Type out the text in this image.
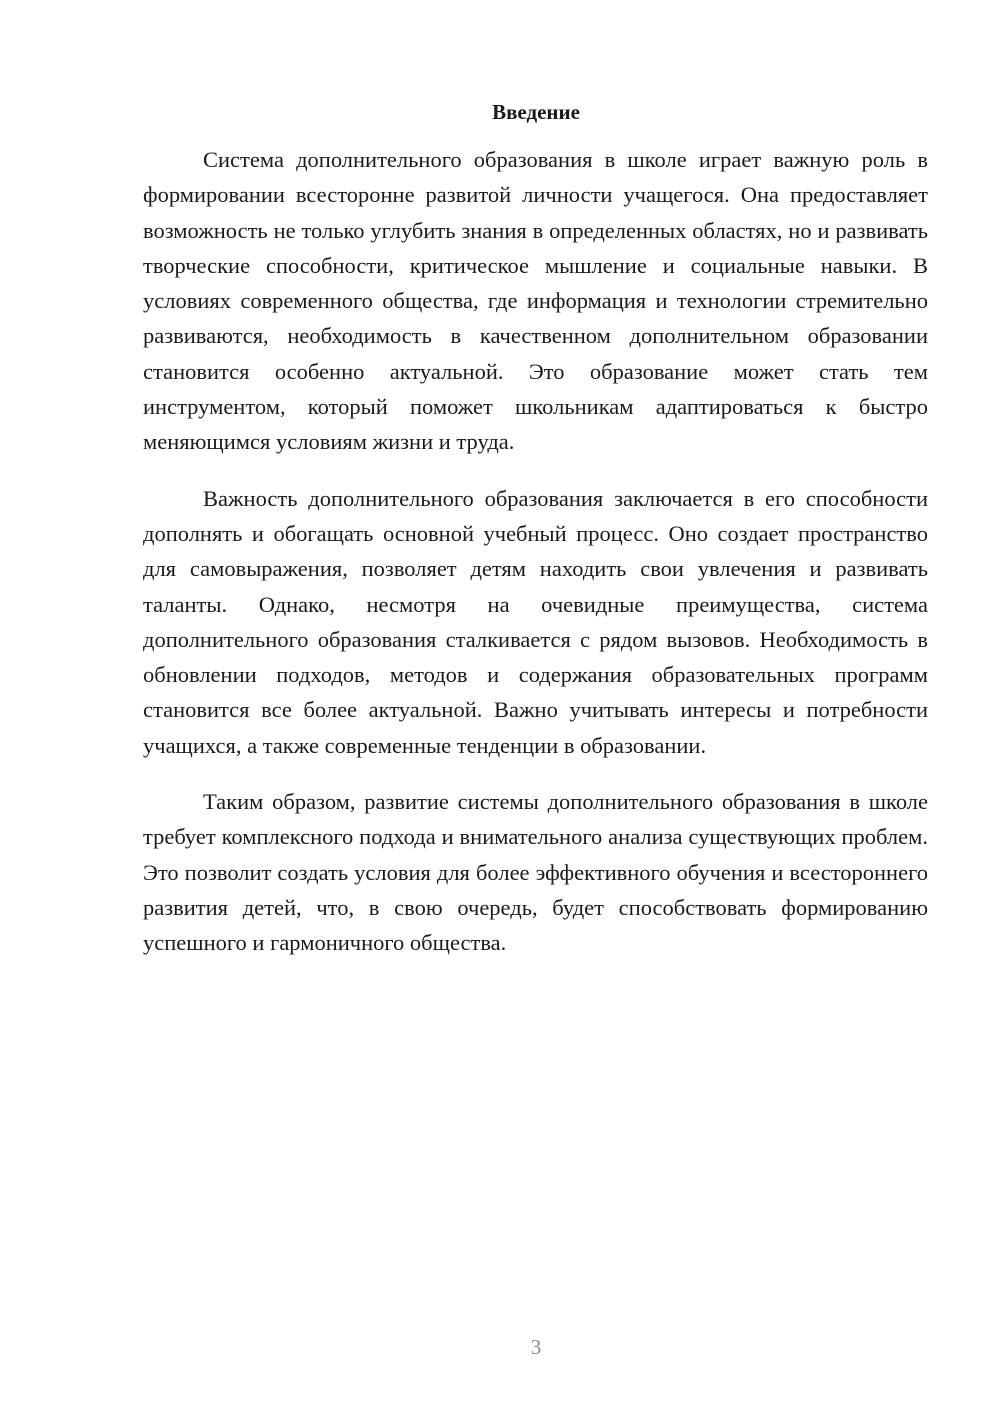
Введение

Система дополнительного образования в школе играет важную роль в формировании всесторонне развитой личности учащегося. Она предоставляет возможность не только углубить знания в определенных областях, но и развивать творческие способности, критическое мышление и социальные навыки. В условиях современного общества, где информация и технологии стремительно развиваются, необходимость в качественном дополнительном образовании становится особенно актуальной. Это образование может стать тем инструментом, который поможет школьникам адаптироваться к быстро меняющимся условиям жизни и труда.

Важность дополнительного образования заключается в его способности дополнять и обогащать основной учебный процесс. Оно создает пространство для самовыражения, позволяет детям находить свои увлечения и развивать таланты. Однако, несмотря на очевидные преимущества, система дополнительного образования сталкивается с рядом вызовов. Необходимость в обновлении подходов, методов и содержания образовательных программ становится все более актуальной. Важно учитывать интересы и потребности учащихся, а также современные тенденции в образовании.

Таким образом, развитие системы дополнительного образования в школе требует комплексного подхода и внимательного анализа существующих проблем. Это позволит создать условия для более эффективного обучения и всестороннего развития детей, что, в свою очередь, будет способствовать формированию успешного и гармоничного общества.

3
